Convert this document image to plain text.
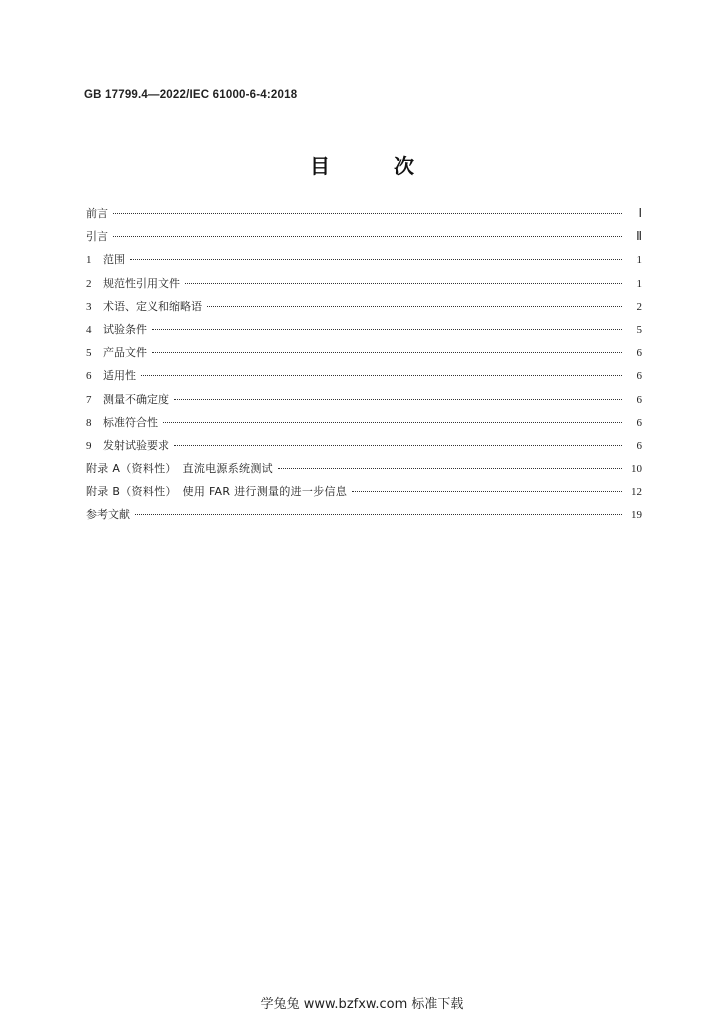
GB 17799.4—2022/IEC 61000-6-4:2018
目　次
前言	Ⅰ
引言	Ⅱ
1	范围	1
2	规范性引用文件	1
3	术语、定义和缩略语	2
4	试验条件	5
5	产品文件	6
6	适用性	6
7	测量不确定度	6
8	标准符合性	6
9	发射试验要求	6
附录 A（资料性）　直流电源系统测试	10
附录 B（资料性）　使用 FAR 进行测量的进一步信息	12
参考文献	19
学兔兔 www.bzfxw.com 标准下载
